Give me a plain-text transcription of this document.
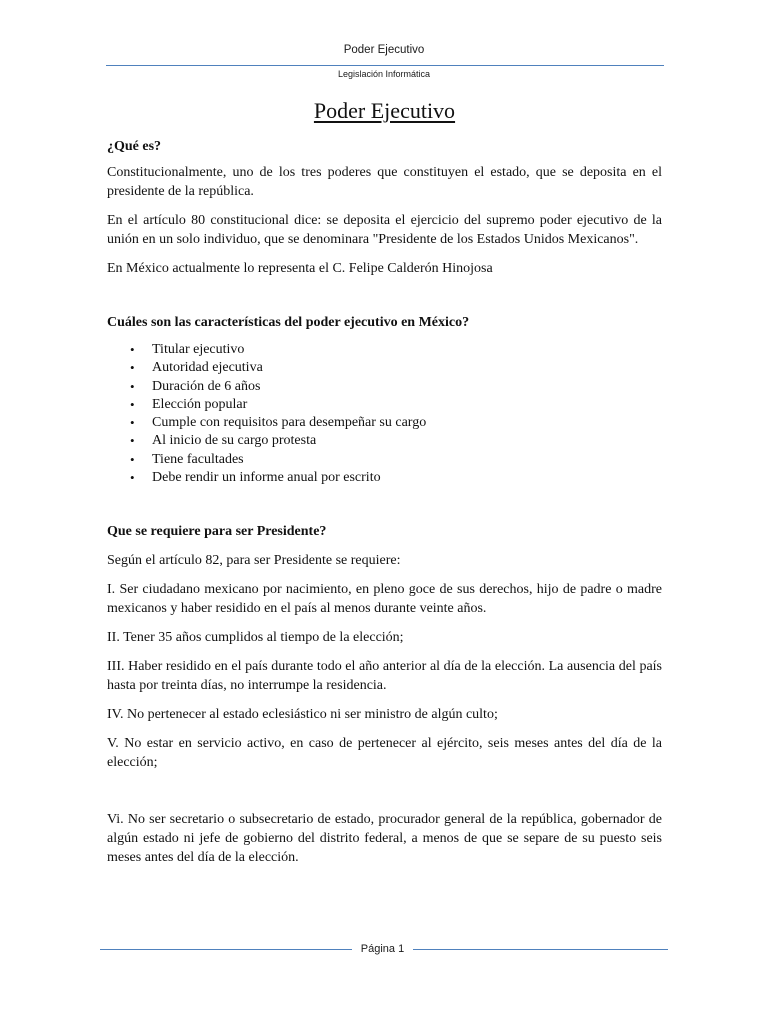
Poder Ejecutivo
Legislación Informática
Poder Ejecutivo

¿Qué es?

Constitucionalmente, uno de los tres poderes que constituyen el estado, que se deposita en el presidente de la república.

En el artículo 80 constitucional dice: se deposita el ejercicio del supremo poder ejecutivo de la unión en un solo individuo, que se denominara "Presidente de los Estados Unidos Mexicanos".

En México actualmente lo representa el C. Felipe Calderón Hinojosa

Cuáles son las características del poder ejecutivo en México?

• Titular ejecutivo
• Autoridad ejecutiva
• Duración de 6 años
• Elección popular
• Cumple con requisitos para desempeñar su cargo
• Al inicio de su cargo protesta
• Tiene facultades
• Debe rendir un informe anual por escrito

Que se requiere para ser Presidente?

Según el artículo 82, para ser Presidente se requiere:

I. Ser ciudadano mexicano por nacimiento, en pleno goce de sus derechos, hijo de padre o madre mexicanos y haber residido en el país al menos durante veinte años.

II. Tener 35 años cumplidos al tiempo de la elección;

III. Haber residido en el país durante todo el año anterior al día de la elección. La ausencia del país hasta por treinta días, no interrumpe la residencia.

IV. No pertenecer al estado eclesiástico ni ser ministro de algún culto;

V. No estar en servicio activo, en caso de pertenecer al ejército, seis meses antes del día de la elección;

Vi. No ser secretario o subsecretario de estado, procurador general de la república, gobernador de algún estado ni jefe de gobierno del distrito federal, a menos de que se separe de su puesto seis meses antes del día de la elección.

Página 1
